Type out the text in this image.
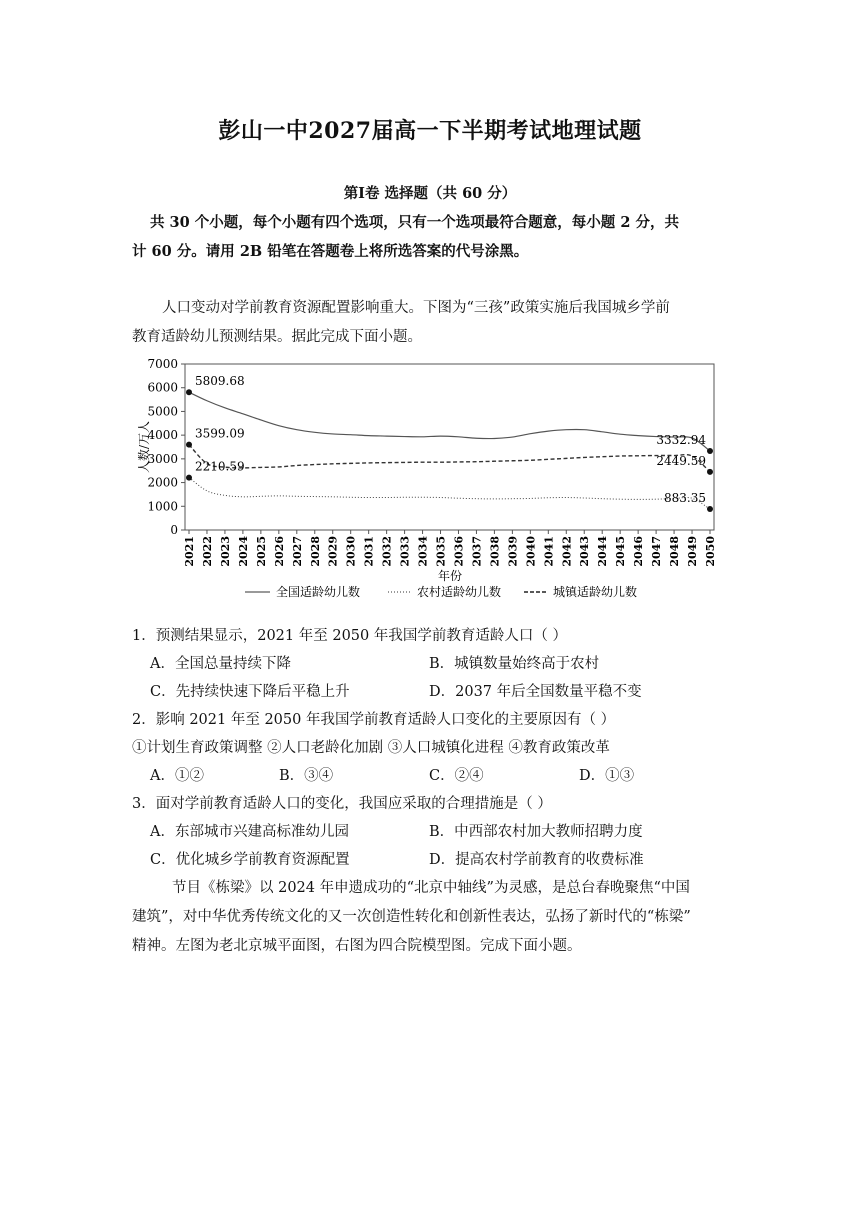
彭山一中2027届高一下半期考试地理试题
第Ⅰ卷 选择题（共 60 分）
共 30 个小题，每个小题有四个选项，只有一个选项最符合题意，每小题 2 分，共
计 60 分。请用 2B 铅笔在答题卷上将所选答案的代号涂黑。
人口变动对学前教育资源配置影响重大。下图为“三孩”政策实施后我国城乡学前
教育适龄幼儿预测结果。据此完成下面小题。
0
1000
2000
3000
4000
5000
6000
7000
2021 2022 2023 2024 2025 2026 2027 2028 2029 2030 2031 2032 2033 2034 2035 2036 2037 2038 2039 2040 2041 2042 2043 2044 2045 2046 2047 2048 2049 2050
5809.68
3599.09
2210.59
3332.94
2449.59
883.35
人数/万人
年份
全国适龄幼儿数	农村适龄幼儿数	城镇适龄幼儿数
1．预测结果显示，2021 年至 2050 年我国学前教育适龄人口（ ）
A．全国总量持续下降	B．城镇数量始终高于农村
C．先持续快速下降后平稳上升	D．2037 年后全国数量平稳不变
2．影响 2021 年至 2050 年我国学前教育适龄人口变化的主要原因有（ ）
①计划生育政策调整 ②人口老龄化加剧 ③人口城镇化进程 ④教育政策改革
A．①②	B．③④	C．②④	D．①③
3．面对学前教育适龄人口的变化，我国应采取的合理措施是（ ）
A．东部城市兴建高标准幼儿园	B．中西部农村加大教师招聘力度
C．优化城乡学前教育资源配置	D．提高农村学前教育的收费标准
节目《栋梁》以 2024 年申遗成功的“北京中轴线”为灵感，是总台春晚聚焦“中国
建筑”，对中华优秀传统文化的又一次创造性转化和创新性表达，弘扬了新时代的“栋梁”
精神。左图为老北京城平面图，右图为四合院模型图。完成下面小题。
